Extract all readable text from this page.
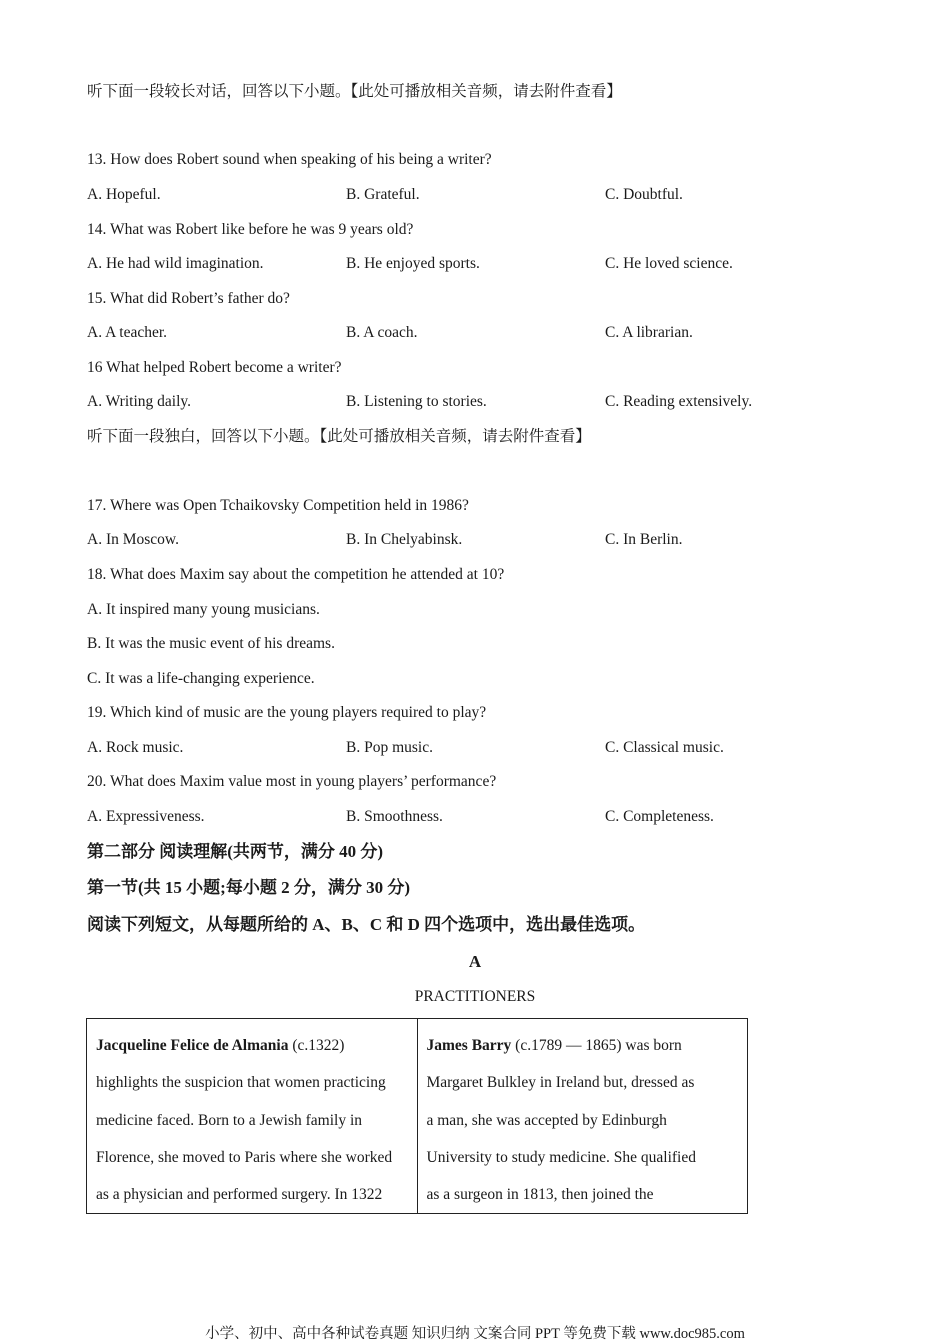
听下面一段较长对话，回答以下小题。【此处可播放相关音频，请去附件查看】
13. How does Robert sound when speaking of his being a writer?
A. Hopeful.	B. Grateful.	C. Doubtful.
14. What was Robert like before he was 9 years old?
A. He had wild imagination.	B. He enjoyed sports.	C. He loved science.
15. What did Robert’s father do?
A. A teacher.	B. A coach.	C. A librarian.
16 What helped Robert become a writer?
A. Writing daily.	B. Listening to stories.	C. Reading extensively.
听下面一段独白，回答以下小题。【此处可播放相关音频，请去附件查看】
17. Where was Open Tchaikovsky Competition held in 1986?
A. In Moscow.	B. In Chelyabinsk.	C. In Berlin.
18. What does Maxim say about the competition he attended at 10?
A. It inspired many young musicians.
B. It was the music event of his dreams.
C. It was a life-changing experience.
19. Which kind of music are the young players required to play?
A. Rock music.	B. Pop music.	C. Classical music.
20. What does Maxim value most in young players’ performance?
A. Expressiveness.	B. Smoothness.	C. Completeness.
第二部分 阅读理解(共两节，满分 40 分)
第一节(共 15 小题;每小题 2 分，满分 30 分)
阅读下列短文，从每题所给的 A、B、C 和 D 四个选项中，选出最佳选项。
A
PRACTITIONERS
Jacqueline Felice de Almania (c.1322)
highlights the suspicion that women practicing
medicine faced. Born to a Jewish family in
Florence, she moved to Paris where she worked
as a physician and performed surgery. In 1322

James Barry (c.1789 — 1865) was born
Margaret Bulkley in Ireland but, dressed as
a man, she was accepted by Edinburgh
University to study medicine. She qualified
as a surgeon in 1813, then joined the
小学、初中、高中各种试卷真题 知识归纳 文案合同 PPT 等免费下载 www.doc985.com
